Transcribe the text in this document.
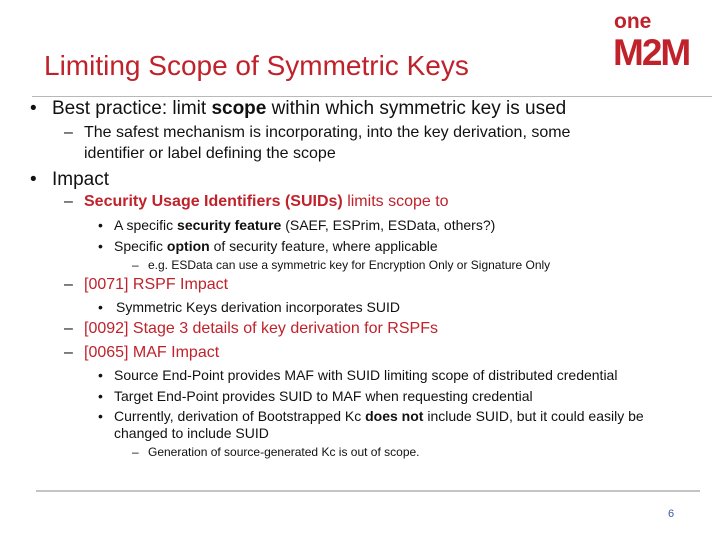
Limiting Scope of Symmetric Keys
one
M2M
• Best practice: limit scope within which symmetric key is used
– The safest mechanism is incorporating, into the key derivation, some
identifier or label defining the scope
• Impact
– Security Usage Identifiers (SUIDs) limits scope to
• A specific security feature (SAEF, ESPrim, ESData, others?)
• Specific option of security feature, where applicable
– e.g. ESData can use a symmetric key for Encryption Only or Signature Only
– [0071] RSPF Impact
• Symmetric Keys derivation incorporates SUID
– [0092] Stage 3 details of key derivation for RSPFs
– [0065] MAF Impact
• Source End-Point provides MAF with SUID limiting scope of distributed credential
• Target End-Point provides SUID to MAF when requesting credential
• Currently, derivation of Bootstrapped Kc does not include SUID, but it could easily be
changed to include SUID
– Generation of source-generated Kc is out of scope.
6
